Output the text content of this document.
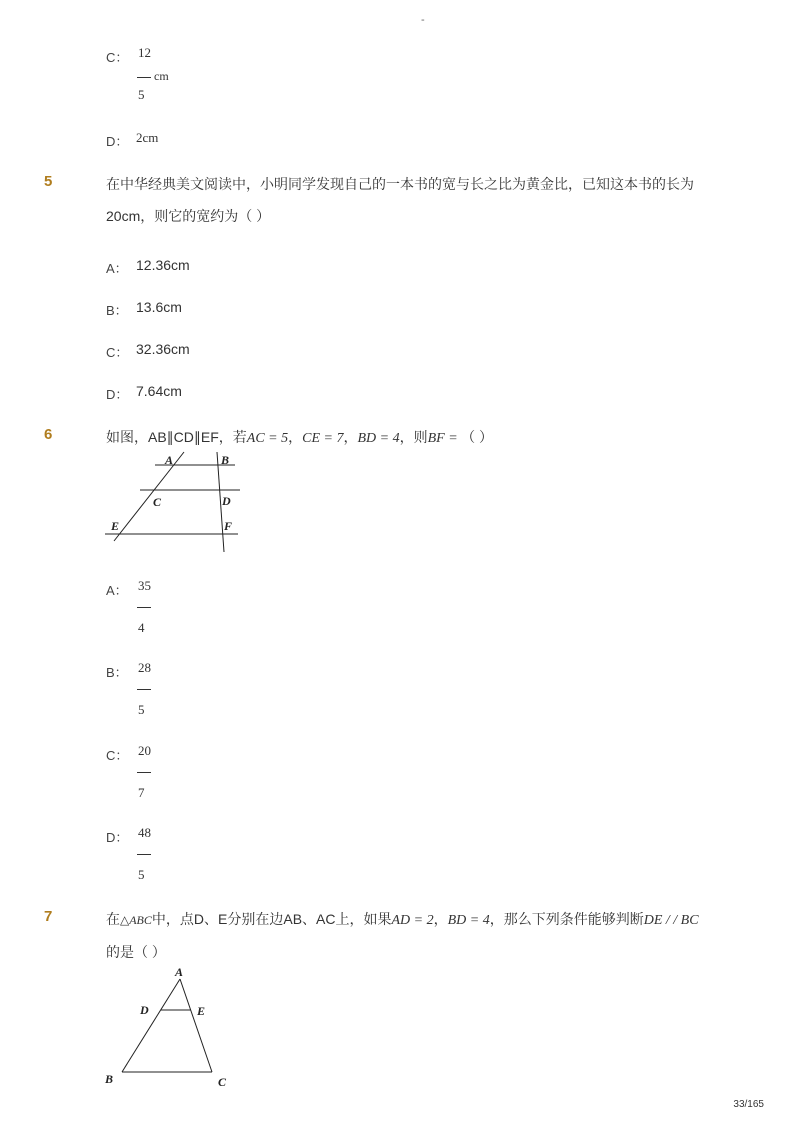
-
C： 12
cm
5
D： 2cm
5	在中华经典美文阅读中，小明同学发现自己的一本书的宽与长之比为黄金比，已知这本书的长为
20cm，则它的宽约为（ ）
A： 12.36cm
B： 13.6cm
C： 32.36cm
D： 7.64cm
6	如图，AB∥CD∥EF，若AC = 5，CE = 7，BD = 4，则BF = （ ）
A	B
C	D
E	F
A： 35
4
B： 28
5
C： 20
7
D： 48
5
7	在△ABC中，点D、E分别在边AB、AC上，如果AD = 2，BD = 4，那么下列条件能够判断DE / / BC
的是（ ）
A
D	E
B	C
33/165
